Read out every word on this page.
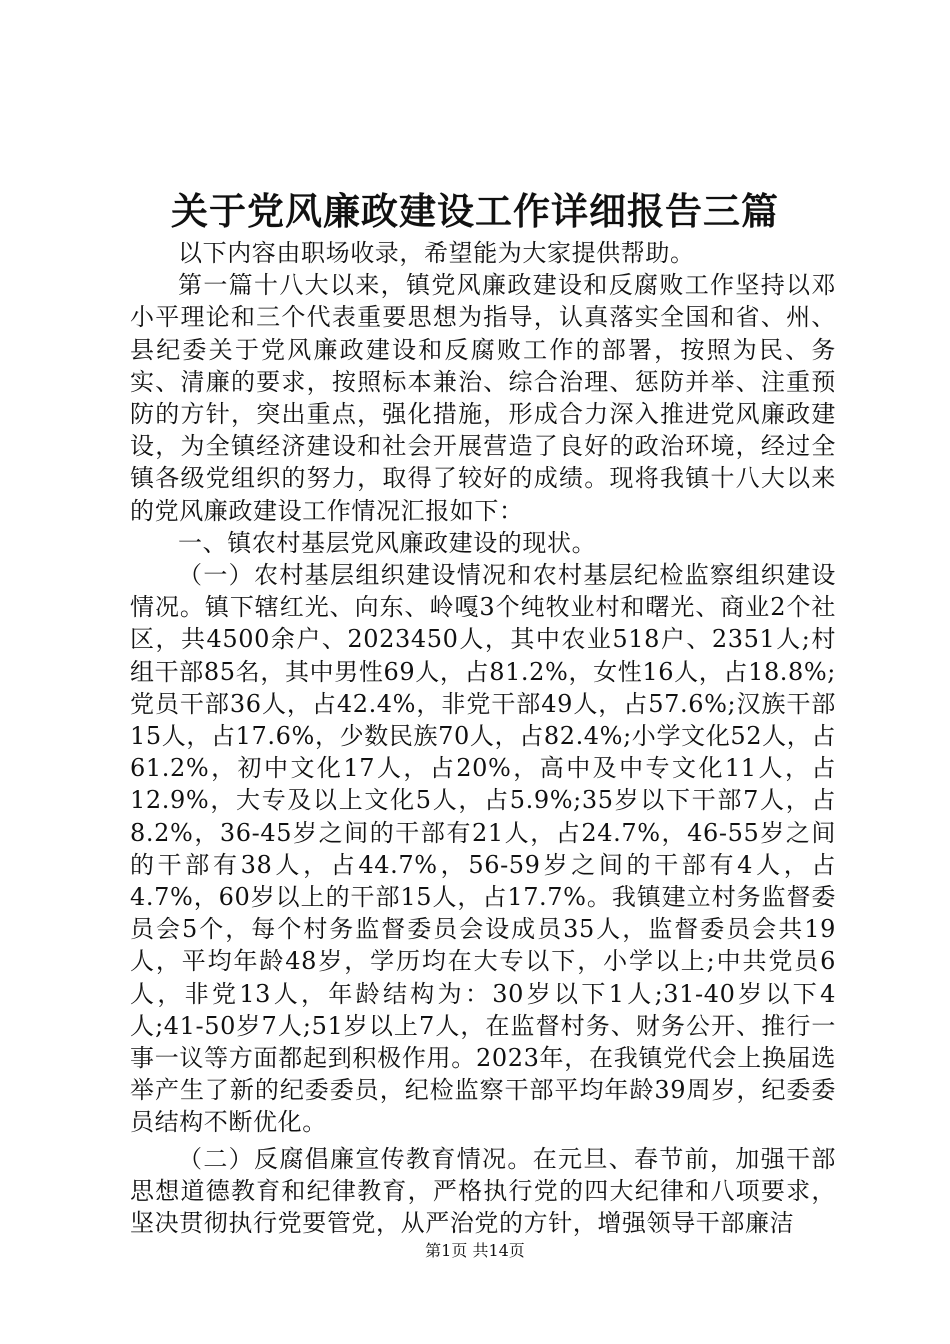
关于党风廉政建设工作详细报告三篇

以下内容由职场收录，希望能为大家提供帮助。

第一篇十八大以来，镇党风廉政建设和反腐败工作坚持以邓小平理论和三个代表重要思想为指导，认真落实全国和省、州、县纪委关于党风廉政建设和反腐败工作的部署，按照为民、务实、清廉的要求，按照标本兼治、综合治理、惩防并举、注重预防的方针，突出重点，强化措施，形成合力深入推进党风廉政建设，为全镇经济建设和社会开展营造了良好的政治环境，经过全镇各级党组织的努力，取得了较好的成绩。现将我镇十八大以来的党风廉政建设工作情况汇报如下：

一、镇农村基层党风廉政建设的现状。

（一）农村基层组织建设情况和农村基层纪检监察组织建设情况。镇下辖红光、向东、岭嘎3个纯牧业村和曙光、商业2个社区，共4500余户、2023450人，其中农业518户、2351人;村组干部85名，其中男性69人，占81.2%，女性16人，占18.8%;党员干部36人，占42.4%，非党干部49人，占57.6%;汉族干部15人，占17.6%，少数民族70人，占82.4%;小学文化52人，占61.2%，初中文化17人，占20%，高中及中专文化11人，占12.9%，大专及以上文化5人，占5.9%;35岁以下干部7人，占8.2%，36-45岁之间的干部有21人，占24.7%，46-55岁之间的干部有38人，占44.7%，56-59岁之间的干部有4人，占4.7%，60岁以上的干部15人，占17.7%。我镇建立村务监督委员会5个，每个村务监督委员会设成员35人，监督委员会共19人，平均年龄48岁，学历均在大专以下，小学以上;中共党员6人，非党13人，年龄结构为：30岁以下1人;31-40岁以下4人;41-50岁7人;51岁以上7人，在监督村务、财务公开、推行一事一议等方面都起到积极作用。2023年，在我镇党代会上换届选举产生了新的纪委委员，纪检监察干部平均年龄39周岁，纪委委员结构不断优化。

（二）反腐倡廉宣传教育情况。在元旦、春节前，加强干部思想道德教育和纪律教育，严格执行党的四大纪律和八项要求，坚决贯彻执行党要管党，从严治党的方针，增强领导干部廉洁

第1页 共14页
